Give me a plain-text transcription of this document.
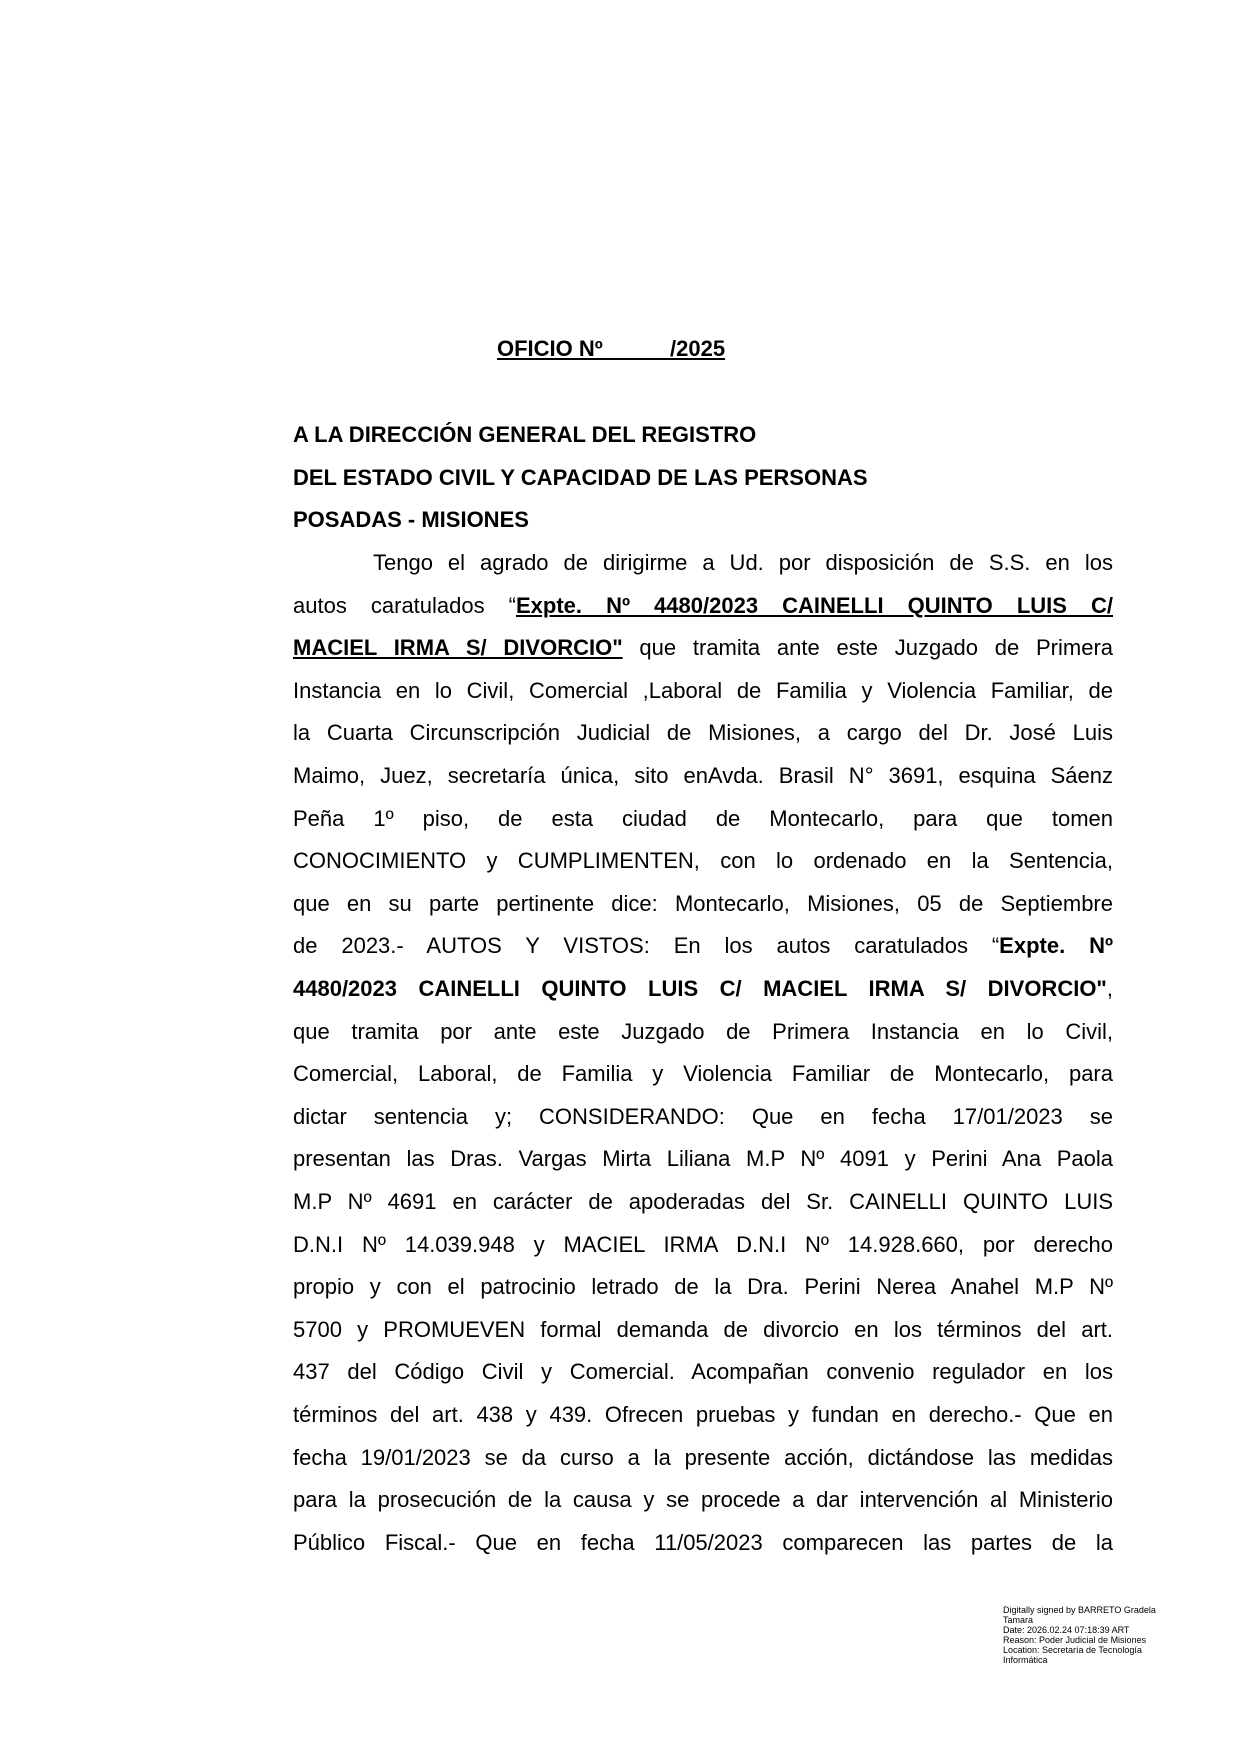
OFICIO Nº           /2025
A LA DIRECCIÓN GENERAL DEL REGISTRO
DEL ESTADO CIVIL Y CAPACIDAD DE LAS PERSONAS
POSADAS - MISIONES
Tengo el agrado de dirigirme a Ud. por disposición de S.S. en los
autos caratulados “Expte. Nº 4480/2023 CAINELLI QUINTO LUIS C/
MACIEL IRMA S/ DIVORCIO" que tramita ante este Juzgado de Primera
Instancia en lo Civil, Comercial ,Laboral de Familia y Violencia Familiar, de
la Cuarta Circunscripción Judicial de Misiones, a cargo del Dr. José Luis
Maimo, Juez, secretaría única, sito enAvda. Brasil N° 3691, esquina Sáenz
Peña 1º piso, de esta ciudad de Montecarlo, para que tomen
CONOCIMIENTO y CUMPLIMENTEN, con lo ordenado en la Sentencia,
que en su parte pertinente dice: Montecarlo, Misiones, 05 de Septiembre
de 2023.- AUTOS Y VISTOS: En los autos caratulados “Expte. Nº
4480/2023 CAINELLI QUINTO LUIS C/ MACIEL IRMA S/ DIVORCIO",
que tramita por ante este Juzgado de Primera Instancia en lo Civil,
Comercial, Laboral, de Familia y Violencia Familiar de Montecarlo, para
dictar sentencia y; CONSIDERANDO: Que en fecha 17/01/2023 se
presentan las Dras. Vargas Mirta Liliana M.P Nº 4091 y Perini Ana Paola
M.P Nº 4691 en carácter de apoderadas del Sr. CAINELLI QUINTO LUIS
D.N.I Nº 14.039.948 y MACIEL IRMA D.N.I Nº 14.928.660, por derecho
propio y con el patrocinio letrado de la Dra. Perini Nerea Anahel M.P Nº
5700 y PROMUEVEN formal demanda de divorcio en los términos del art.
437 del Código Civil y Comercial. Acompañan convenio regulador en los
términos del art. 438 y 439. Ofrecen pruebas y fundan en derecho.- Que en
fecha 19/01/2023 se da curso a la presente acción, dictándose las medidas
para la prosecución de la causa y se procede a dar intervención al Ministerio
Público Fiscal.- Que en fecha 11/05/2023 comparecen las partes de la
Digitally signed by BARRETO Gradela
Tamara
Date: 2026.02.24 07:18:39 ART
Reason: Poder Judicial de Misiones
Location: Secretaría de Tecnología
Informática
